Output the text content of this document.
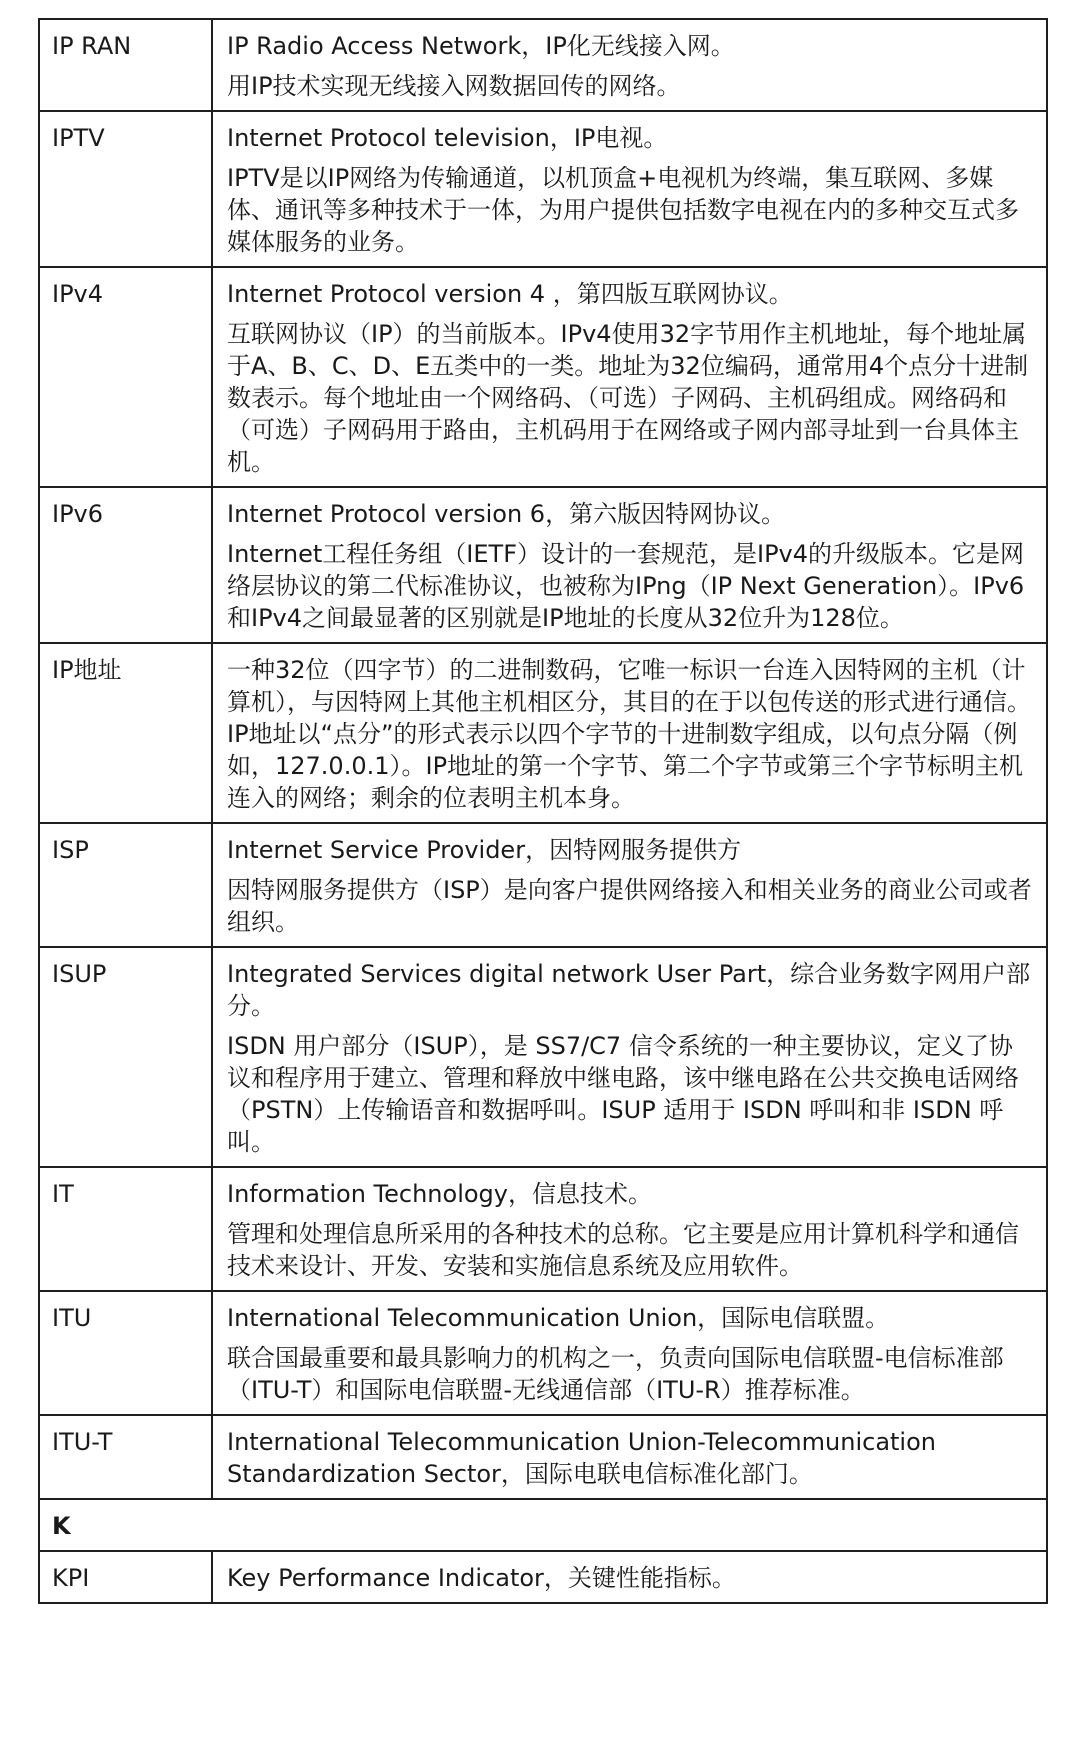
IP RAN	IP Radio Access Network，IP化无线接入网。

用IP技术实现无线接入网数据回传的网络。

IPTV	Internet Protocol television，IP电视。

IPTV是以IP网络为传输通道，以机顶盒+电视机为终端，集互联网、多媒体、通讯等多种技术于一体，为用户提供包括数字电视在内的多种交互式多媒体服务的业务。

IPv4	Internet Protocol version 4 ，第四版互联网协议。

互联网协议（IP）的当前版本。IPv4使用32字节用作主机地址，每个地址属于A、B、C、D、E五类中的一类。地址为32位编码，通常用4个点分十进制数表示。每个地址由一个网络码、（可选）子网码、主机码组成。网络码和（可选）子网码用于路由，主机码用于在网络或子网内部寻址到一台具体主机。

IPv6	Internet Protocol version 6，第六版因特网协议。

Internet工程任务组（IETF）设计的一套规范，是IPv4的升级版本。它是网络层协议的第二代标准协议，也被称为IPng（IP Next Generation）。IPv6和IPv4之间最显著的区别就是IP地址的长度从32位升为128位。

IP地址	一种32位（四字节）的二进制数码，它唯一标识一台连入因特网的主机（计算机），与因特网上其他主机相区分，其目的在于以包传送的形式进行通信。IP地址以“点分”的形式表示以四个字节的十进制数字组成，以句点分隔（例如，127.0.0.1）。IP地址的第一个字节、第二个字节或第三个字节标明主机连入的网络；剩余的位表明主机本身。

ISP	Internet Service Provider，因特网服务提供方

因特网服务提供方（ISP）是向客户提供网络接入和相关业务的商业公司或者组织。

ISUP	Integrated Services digital network User Part，综合业务数字网用户部分。

ISDN 用户部分（ISUP），是 SS7/C7 信令系统的一种主要协议，定义了协议和程序用于建立、管理和释放中继电路，该中继电路在公共交换电话网络（PSTN）上传输语音和数据呼叫。ISUP 适用于 ISDN 呼叫和非 ISDN 呼叫。

IT	Information Technology，信息技术。

管理和处理信息所采用的各种技术的总称。它主要是应用计算机科学和通信技术来设计、开发、安装和实施信息系统及应用软件。

ITU	International Telecommunication Union，国际电信联盟。

联合国最重要和最具影响力的机构之一，负责向国际电信联盟-电信标准部 （ITU-T）和国际电信联盟-无线通信部（ITU-R）推荐标准。

ITU-T	International Telecommunication Union-Telecommunication Standardization Sector，国际电联电信标准化部门。

K	

KPI	Key Performance Indicator，关键性能指标。
